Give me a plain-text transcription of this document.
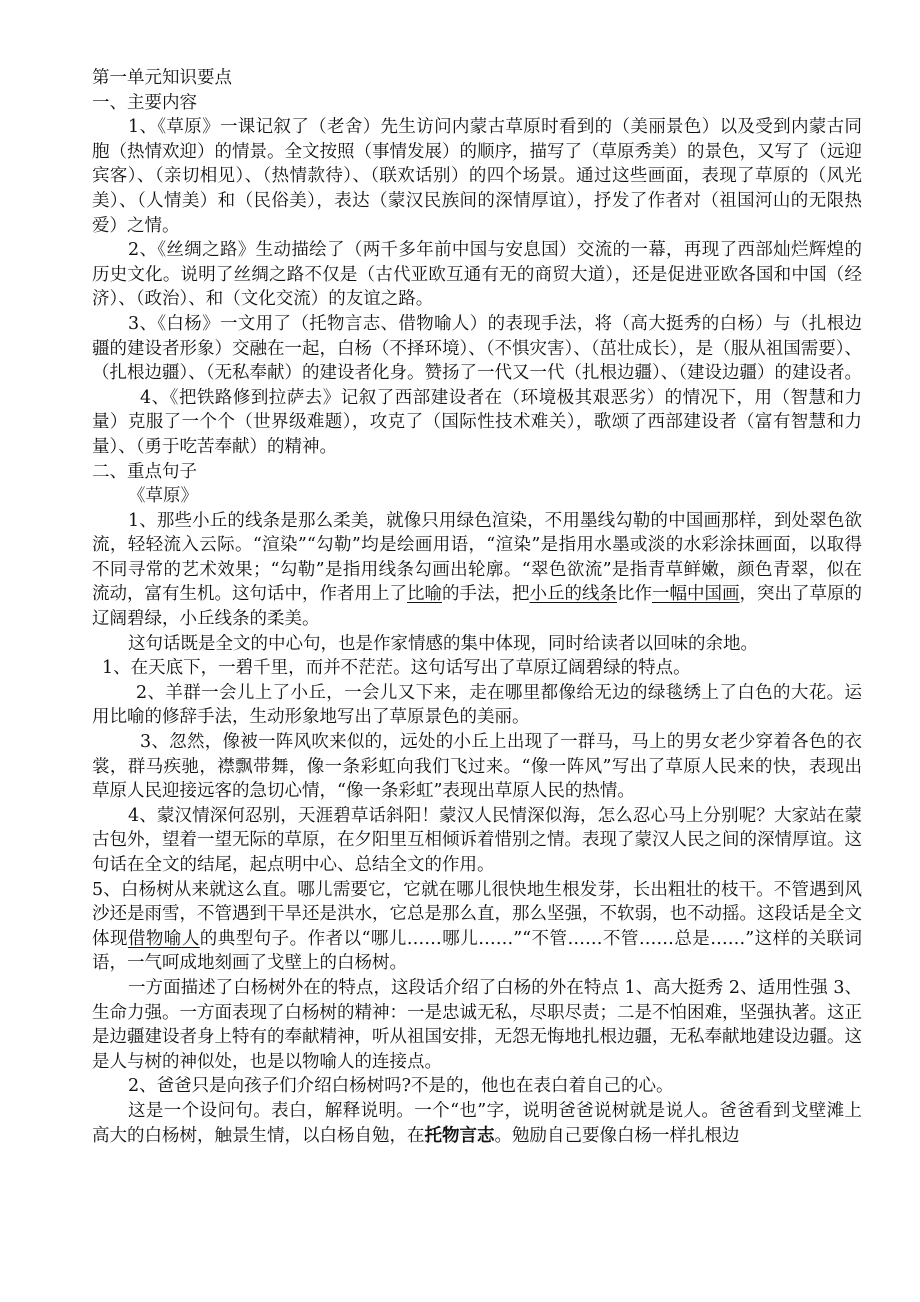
第一单元知识要点

一、主要内容

1、《草原》一课记叙了（老舍）先生访问内蒙古草原时看到的（美丽景色）以及受到内蒙古同胞（热情欢迎）的情景。全文按照（事情发展）的顺序，描写了（草原秀美）的景色，又写了（远迎宾客）、（亲切相见）、（热情款待）、（联欢话别）的四个场景。通过这些画面，表现了草原的（风光美）、（人情美）和（民俗美），表达（蒙汉民族间的深情厚谊），抒发了作者对（祖国河山的无限热爱）之情。

2、《丝绸之路》生动描绘了（两千多年前中国与安息国）交流的一幕，再现了西部灿烂辉煌的历史文化。说明了丝绸之路不仅是（古代亚欧互通有无的商贸大道），还是促进亚欧各国和中国（经济）、（政治）、和（文化交流）的友谊之路。

3、《白杨》一文用了（托物言志、借物喻人）的表现手法，将（高大挺秀的白杨）与（扎根边疆的建设者形象）交融在一起，白杨（不择环境）、（不惧灾害）、（茁壮成长），是（服从祖国需要）、（扎根边疆）、（无私奉献）的建设者化身。赞扬了一代又一代（扎根边疆）、（建设边疆）的建设者。

4、《把铁路修到拉萨去》记叙了西部建设者在（环境极其艰恶劣）的情况下，用（智慧和力量）克服了一个个（世界级难题），攻克了（国际性技术难关），歌颂了西部建设者（富有智慧和力量）、（勇于吃苦奉献）的精神。

二、重点句子

《草原》

1、那些小丘的线条是那么柔美，就像只用绿色渲染，不用墨线勾勒的中国画那样，到处翠色欲流，轻轻流入云际。“渲染”“勾勒”均是绘画用语，“渲染”是指用水墨或淡的水彩涂抹画面，以取得不同寻常的艺术效果；“勾勒”是指用线条勾画出轮廓。“翠色欲流”是指青草鲜嫩，颜色青翠，似在流动，富有生机。这句话中，作者用上了比喻的手法，把小丘的线条比作一幅中国画，突出了草原的辽阔碧绿，小丘线条的柔美。

这句话既是全文的中心句，也是作家情感的集中体现，同时给读者以回味的余地。

1、在天底下，一碧千里，而并不茫茫。这句话写出了草原辽阔碧绿的特点。

2、羊群一会儿上了小丘，一会儿又下来，走在哪里都像给无边的绿毯绣上了白色的大花。运用比喻的修辞手法，生动形象地写出了草原景色的美丽。

3、忽然，像被一阵风吹来似的，远处的小丘上出现了一群马，马上的男女老少穿着各色的衣裳，群马疾驰，襟飘带舞，像一条彩虹向我们飞过来。“像一阵风”写出了草原人民来的快，表现出草原人民迎接远客的急切心情，“像一条彩虹”表现出草原人民的热情。

4、蒙汉情深何忍别，天涯碧草话斜阳！蒙汉人民情深似海，怎么忍心马上分别呢？大家站在蒙古包外，望着一望无际的草原，在夕阳里互相倾诉着惜别之情。表现了蒙汉人民之间的深情厚谊。这句话在全文的结尾，起点明中心、总结全文的作用。

5、白杨树从来就这么直。哪儿需要它，它就在哪儿很快地生根发芽，长出粗壮的枝干。不管遇到风沙还是雨雪，不管遇到干旱还是洪水，它总是那么直，那么坚强，不软弱，也不动摇。这段话是全文体现借物喻人的典型句子。作者以“哪儿……哪儿……”“不管……不管……总是……”这样的关联词语，一气呵成地刻画了戈壁上的白杨树。

一方面描述了白杨树外在的特点，这段话介绍了白杨的外在特点 1、高大挺秀 2、适用性强 3、生命力强。一方面表现了白杨树的精神：一是忠诚无私，尽职尽责；二是不怕困难，坚强执著。这正是边疆建设者身上特有的奉献精神，听从祖国安排，无怨无悔地扎根边疆，无私奉献地建设边疆。这是人与树的神似处，也是以物喻人的连接点。

2、爸爸只是向孩子们介绍白杨树吗?不是的，他也在表白着自己的心。

这是一个设问句。表白，解释说明。一个“也”字，说明爸爸说树就是说人。爸爸看到戈壁滩上高大的白杨树，触景生情，以白杨自勉，在托物言志。勉励自己要像白杨一样扎根边
